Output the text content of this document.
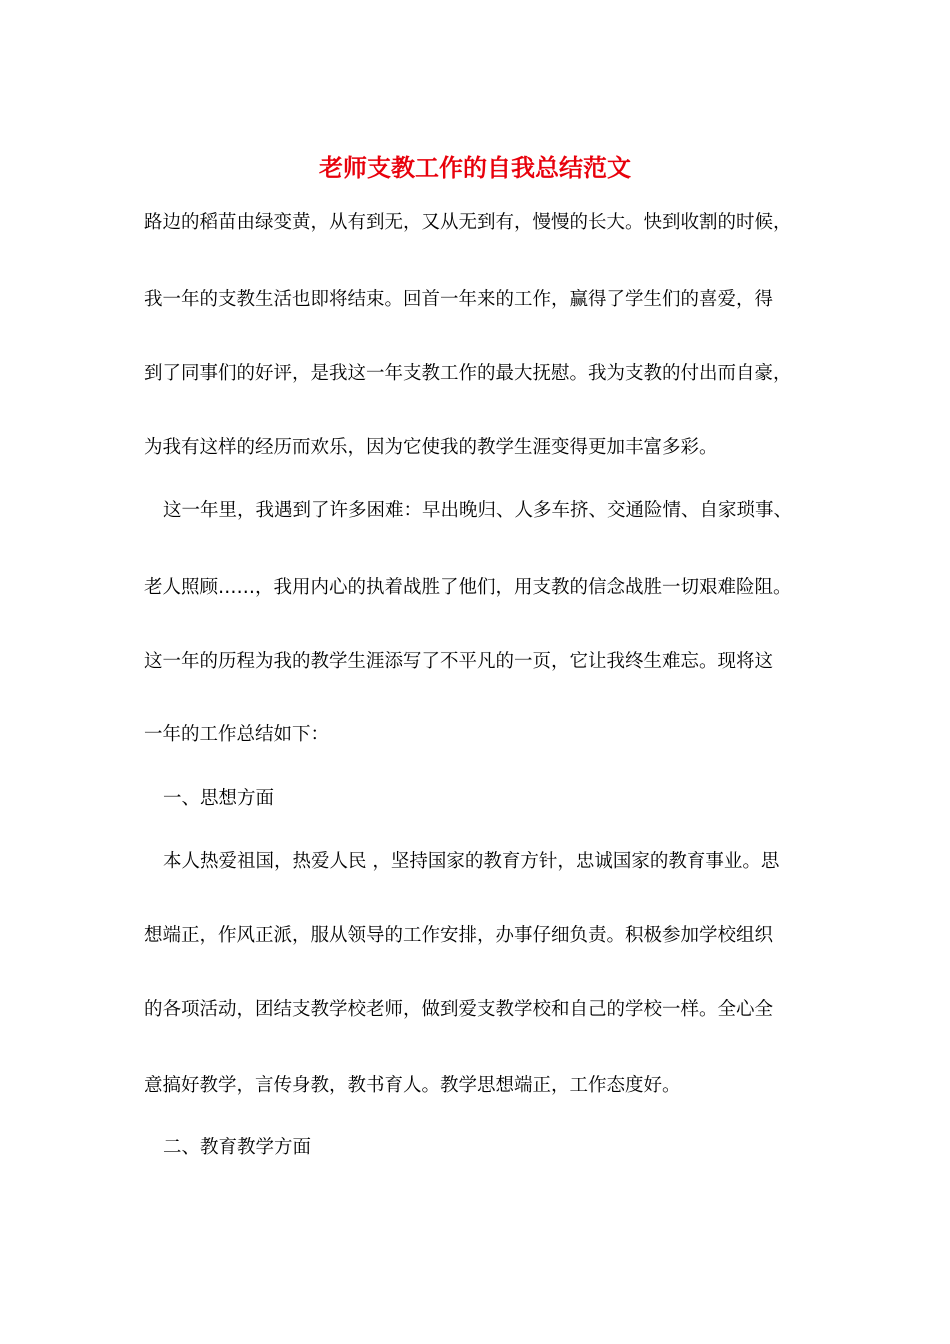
老师支教工作的自我总结范文
路边的稻苗由绿变黄，从有到无，又从无到有，慢慢的长大。快到收割的时候，
我一年的支教生活也即将结束。回首一年来的工作，赢得了学生们的喜爱，得
到了同事们的好评，是我这一年支教工作的最大抚慰。我为支教的付出而自豪，
为我有这样的经历而欢乐，因为它使我的教学生涯变得更加丰富多彩。
这一年里，我遇到了许多困难：早出晚归、人多车挤、交通险情、自家琐事、
老人照顾……，我用内心的执着战胜了他们，用支教的信念战胜一切艰难险阻。
这一年的历程为我的教学生涯添写了不平凡的一页，它让我终生难忘。现将这
一年的工作总结如下：
一、思想方面
本人热爱祖国，热爱人民 ，坚持国家的教育方针，忠诚国家的教育事业。思
想端正，作风正派，服从领导的工作安排，办事仔细负责。积极参加学校组织
的各项活动，团结支教学校老师，做到爱支教学校和自己的学校一样。全心全
意搞好教学，言传身教，教书育人。教学思想端正，工作态度好。
二、教育教学方面
